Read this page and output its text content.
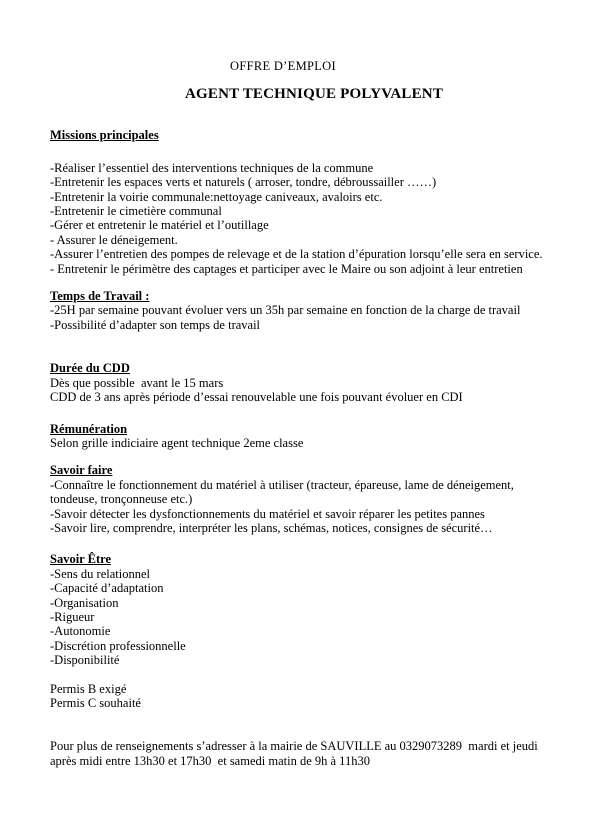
OFFRE D’EMPLOI
AGENT TECHNIQUE POLYVALENT
Missions principales
-Réaliser l’essentiel des interventions techniques de la commune
-Entretenir les espaces verts et naturels ( arroser, tondre, débroussailler ……)
-Entretenir la voirie communale:nettoyage caniveaux, avaloirs etc.
-Entretenir le cimetière communal
-Gérer et entretenir le matériel et l’outillage
- Assurer le déneigement.
-Assurer l’entretien des pompes de relevage et de la station d’épuration lorsqu’elle sera en service.
- Entretenir le périmètre des captages et participer avec le Maire ou son adjoint à leur entretien
Temps de Travail :
-25H par semaine pouvant évoluer vers un 35h par semaine en fonction de la charge de travail
-Possibilité d’adapter son temps de travail
Durée du CDD
Dès que possible  avant le 15 mars
CDD de 3 ans après période d’essai renouvelable une fois pouvant évoluer en CDI
Rémunération
Selon grille indiciaire agent technique 2eme classe
Savoir faire
-Connaître le fonctionnement du matériel à utiliser (tracteur, épareuse, lame de déneigement,
tondeuse, tronçonneuse etc.)
-Savoir détecter les dysfonctionnements du matériel et savoir réparer les petites pannes
-Savoir lire, comprendre, interpréter les plans, schémas, notices, consignes de sécurité…
Savoir Être
-Sens du relationnel
-Capacité d’adaptation
-Organisation
-Rigueur
-Autonomie
-Discrétion professionnelle
-Disponibilité
Permis B exigé
Permis C souhaité
Pour plus de renseignements s’adresser à la mairie de SAUVILLE au 0329073289  mardi et jeudi
après midi entre 13h30 et 17h30  et samedi matin de 9h à 11h30
